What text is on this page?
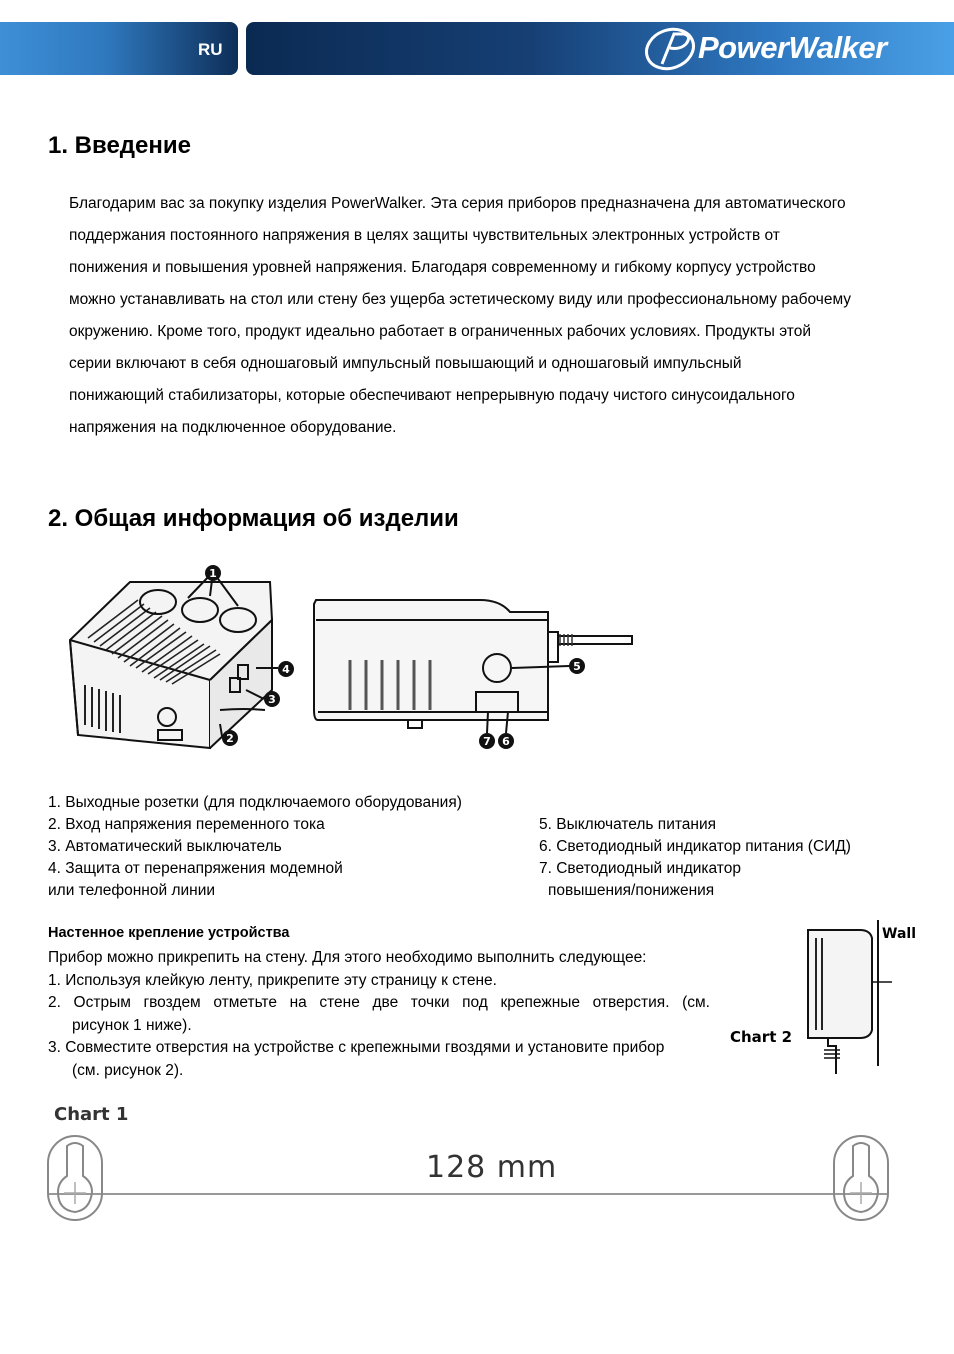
RU	PowerWalker
1. Введение
Благодарим вас за покупку изделия PowerWalker. Эта серия приборов предназначена для автоматического
поддержания постоянного напряжения в целях защиты чувствительных электронных устройств от
понижения и повышения уровней напряжения. Благодаря современному и гибкому корпусу устройство
можно устанавливать на стол или стену без ущерба эстетическому виду или профессиональному рабочему
окружению. Кроме того, продукт идеально работает в ограниченных рабочих условиях. Продукты этой
серии включают в себя одношаговый импульсный повышающий и одношаговый импульсный
понижающий стабилизаторы, которые обеспечивают непрерывную подачу чистого синусоидального
напряжения на подключенное оборудование.
2. Общая информация об изделии
1
2
3
4	5
6
7
1. Выходные розетки (для подключаемого оборудования)
2. Вход напряжения переменного тока
3. Автоматический выключатель
4. Защита от перенапряжения модемной
или телефонной линии
5. Выключатель питания
6. Светодиодный индикатор питания (СИД)
7. Светодиодный индикатор
повышения/понижения
Настенное крепление устройства

Прибор можно прикрепить на стену. Для этого необходимо выполнить следующее:

1. Используя клейкую ленту, прикрепите эту страницу к стене.

2. Острым гвоздем отметьте на стене две точки под крепежные отверстия. (см.

рисунок 1 ниже).

3. Совместите отверстия на устройстве с крепежными гвоздями и установите прибор

(см. рисунок 2).

Wall
Chart 2
Chart 1
128 mm
